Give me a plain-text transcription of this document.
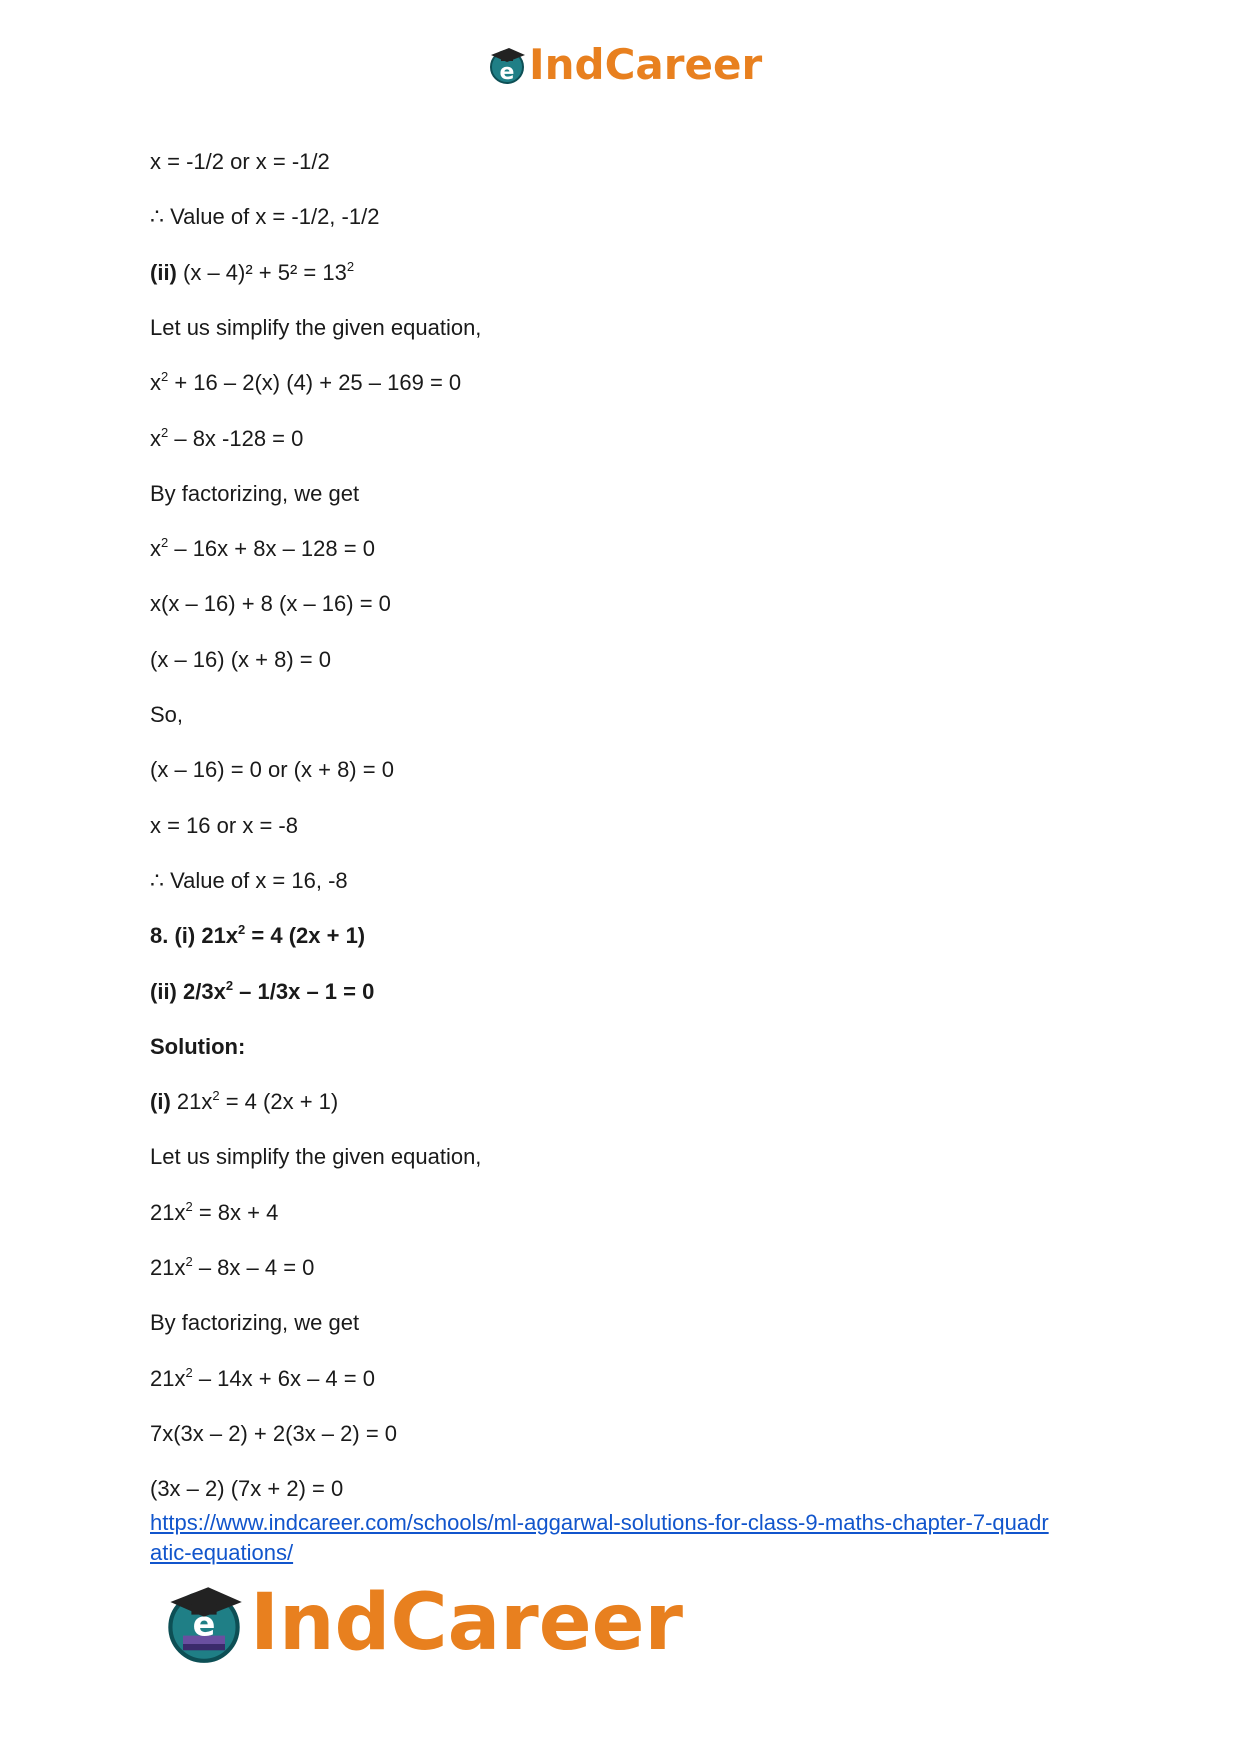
e IndCareer
x = -1/2 or x = -1/2
∴ Value of x = -1/2, -1/2
(ii) $(x - 4)^2 + 5^2 = 13^2$
Let us simplify the given equation,
$x^2 + 16 - 2(x) (4) + 25 - 169 = 0$
$x^2 - 8x$ -128 = 0
By factorizing, we get
$x^2 - 16x + 8x - 128 = 0$
x(x – 16) + 8 (x – 16) = 0
(x – 16) (x + 8) = 0
So,
(x – 16) = 0 or (x + 8) = 0
x = 16 or x = -8
∴ Value of x = 16, -8
8. (i) $21x^2 = 4$ (2x + 1)
(ii) $2/3x^2 - 1/3x - 1 = 0$
Solution:
(i) $21x^2 = 4$ (2x + 1)
Let us simplify the given equation,
$21x^2 = 8x + 4$
$21x^2 - 8x - 4 = 0$
By factorizing, we get
$21x^2 - 14x + 6x - 4 = 0$
7x(3x – 2) + 2(3x – 2) = 0
(3x – 2) (7x + 2) = 0
https://www.indcareer.com/schools/ml-aggarwal-solutions-for-class-9-maths-chapter-7-quadr
atic-equations/
e IndCareer
